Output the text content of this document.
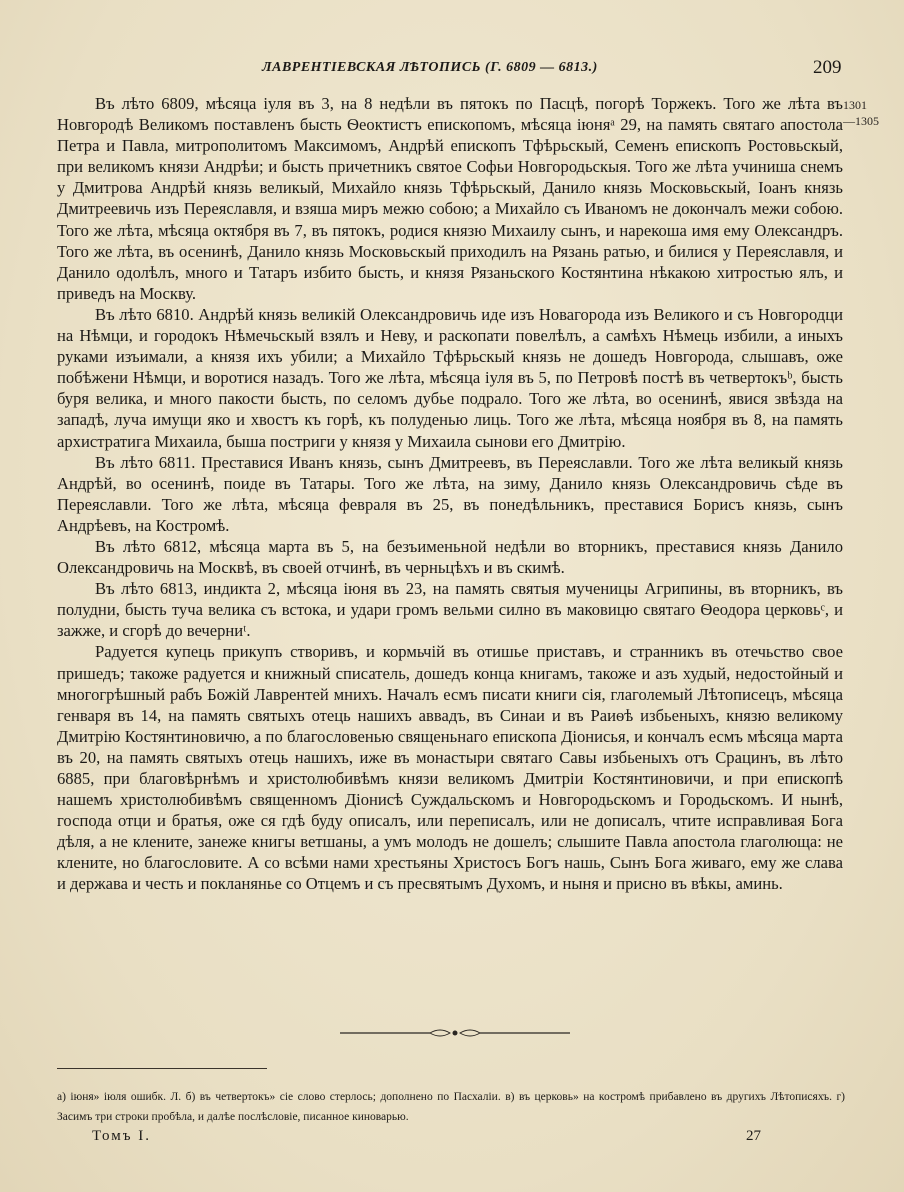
ЛАВРЕНТІЕВСКАЯ ЛѢТОПИСЬ (Г. 6809 — 6813.)	209
1301
—1305

Въ лѣто 6809, мѣсяца іуля въ 3, на 8 недѣли въ пятокъ по Пасцѣ, погорѣ Торжекъ. Того же лѣта въ Новгородѣ Великомъ поставленъ бысть Ѳеоктистъ епископомъ, мѣсяца іюняᵃ 29, на память святаго апостола Петра и Павла, митрополитомъ Максимомъ, Андрѣй епископъ Тфѣрьскый, Семенъ епископъ Ростовьскый, при великомъ князи Андрѣи; и бысть причетникъ святое Софьи Новгородьскыя. Того же лѣта учиниша снемъ у Дмитрова Андрѣй князь великый, Михайло князь Тфѣрьскый, Данило князь Московьскый, Іоанъ князь Дмитреевичь изъ Переяславля, и взяша миръ межю собою; а Михайло съ Иваномъ не докончалъ межи собою. Того же лѣта, мѣсяца октября въ 7, въ пятокъ, родися князю Михаилу сынъ, и нарекоша имя ему Олександръ. Того же лѣта, въ осенинѣ, Данило князь Московьскый приходилъ на Рязань ратью, и билися у Переяславля, и Данило одолѣлъ, много и Татаръ избито бысть, и князя Рязаньского Костянтина нѣкакою хитростью ялъ, и приведъ на Москву.

Въ лѣто 6810. Андрѣй князь великій Олександровичь иде изъ Новагорода изъ Великого и съ Новгородци на Нѣмци, и городокъ Нѣмечьскый взялъ и Неву, и раскопати повелѣлъ, а самѣхъ Нѣмець избили, а иныхъ руками изъимали, а князя ихъ убили; а Михайло Тфѣрьскый князь не дошедъ Новгорода, слышавъ, оже побѣжени Нѣмци, и воротися назадъ. Того же лѣта, мѣсяца іуля въ 5, по Петровѣ постѣ въ четвертокъᵇ, бысть буря велика, и много пакости бысть, по селомъ дубье подрало. Того же лѣта, во осенинѣ, явися звѣзда на западѣ, луча имущи яко и хвостъ къ горѣ, къ полуденью лиць. Того же лѣта, мѣсяца ноября въ 8, на память архистратига Михаила, быша постриги у князя у Михаила сынови его Дмитрію.

Въ лѣто 6811. Преставися Иванъ князь, сынъ Дмитреевъ, въ Переяславли. Того же лѣта великый князь Андрѣй, во осенинѣ, поиде въ Татары. Того же лѣта, на зиму, Данило князь Олександровичь сѣде въ Переяславли. Того же лѣта, мѣсяца февраля въ 25, въ понедѣльникъ, преставися Борисъ князь, сынъ Андрѣевъ, на Костромѣ.

Въ лѣто 6812, мѣсяца марта въ 5, на безъименьной недѣли во вторникъ, преставися князь Данило Олександровичь на Москвѣ, въ своей отчинѣ, въ черньцѣхъ и въ скимѣ.

Въ лѣто 6813, индикта 2, мѣсяца іюня въ 23, на память святыя мученицы Агрипины, въ вторникъ, въ полудни, бысть туча велика съ встока, и удари громъ вельми силно въ маковицю святаго Ѳеодора церковьᶜ, и зажже, и сгорѣ до вечерниᵗ.

Радуется купець прикупъ створивъ, и кормьчій въ отишье приставъ, и странникъ въ отечьство свое пришедъ; такоже радуется и книжный списатель, дошедъ конца книгамъ, такоже и азъ худый, недостойный и многогрѣшный рабъ Божій Лаврентей мнихъ. Началъ есмъ писати книги сія, глаголемый Лѣтописецъ, мѣсяца генваря въ 14, на память святыхъ отець нашихъ аввадъ, въ Синаи и въ Раиѳѣ избьеныхъ, князю великому Дмитрію Костянтиновичю, а по благословенью священьнаго епископа Діонисья, и кончалъ есмъ мѣсяца марта въ 20, на память святыхъ отець нашихъ, иже въ монастыри святаго Савы избьеныхъ отъ Срацинъ, въ лѣто 6885, при благовѣрнѣмъ и христолюбивѣмъ князи великомъ Дмитріи Костянтиновичи, и при епископѣ нашемъ христолюбивѣмъ священномъ Діонисѣ Суждальскомъ и Новгородьскомъ и Городьскомъ. И нынѣ, господа отци и братья, оже ся гдѣ буду описалъ, или переписалъ, или не дописалъ, чтите исправливая Бога дѣля, а не клените, занеже книгы ветшаны, а умъ молодъ не дошелъ; слышите Павла апостола глаголюща: не клените, но благословите. А со всѣми нами хрестьяны Христосъ Богъ нашь, Сынъ Бога живаго, ему же слава и держава и честь и покланянье со Отцемъ и съ пресвятымъ Духомъ, и ныня и присно въ вѣкы, аминь.

а) іюня» іюля ошибк. Л. б) въ четвертокъ» сіе слово стерлось; дополнено по Пасхаліи. в) въ церковь» на костромѣ прибавлено въ другихъ Лѣтописяхъ. г) Засимъ три строки пробѣла, и далѣе послѣсловіе, писанное киноварью.
Томъ І.	27
